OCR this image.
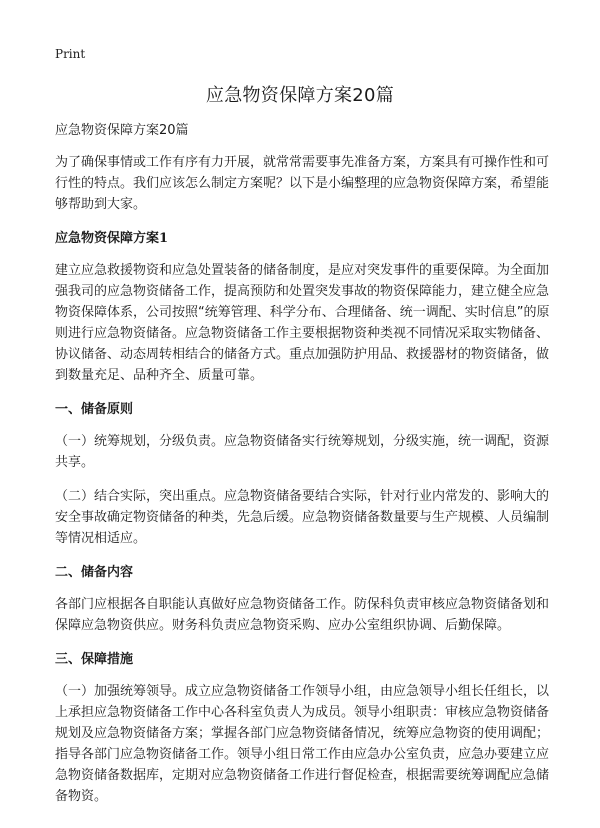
Print
应急物资保障方案20篇

应急物资保障方案20篇

为了确保事情或工作有序有力开展，就常常需要事先准备方案，方案具有可操作性和可行性的特点。我们应该怎么制定方案呢？以下是小编整理的应急物资保障方案，希望能够帮助到大家。

应急物资保障方案1

建立应急救援物资和应急处置装备的储备制度，是应对突发事件的重要保障。为全面加强我司的应急物资储备工作，提高预防和处置突发事故的物资保障能力，建立健全应急物资保障体系，公司按照“统筹管理、科学分布、合理储备、统一调配、实时信息”的原则进行应急物资储备。应急物资储备工作主要根据物资种类视不同情况采取实物储备、协议储备、动态周转相结合的储备方式。重点加强防护用品、救援器材的物资储备，做到数量充足、品种齐全、质量可靠。

一、储备原则

（一）统筹规划，分级负责。应急物资储备实行统筹规划，分级实施，统一调配，资源共享。

（二）结合实际，突出重点。应急物资储备要结合实际，针对行业内常发的、影响大的安全事故确定物资储备的种类，先急后缓。应急物资储备数量要与生产规模、人员编制等情况相适应。

二、储备内容

各部门应根据各自职能认真做好应急物资储备工作。防保科负责审核应急物资储备划和保障应急物资供应。财务科负责应急物资采购、应办公室组织协调、后勤保障。

三、保障措施

（一）加强统筹领导。成立应急物资储备工作领导小组，由应急领导小组长任组长，以上承担应急物资储备工作中心各科室负责人为成员。领导小组职责：审核应急物资储备规划及应急物资储备方案；掌握各部门应急物资储备情况，统筹应急物资的使用调配；指导各部门应急物资储备工作。领导小组日常工作由应急办公室负责，应急办要建立应急物资储备数据库，定期对应急物资储备工作进行督促检查，根据需要统筹调配应急储备物资。
